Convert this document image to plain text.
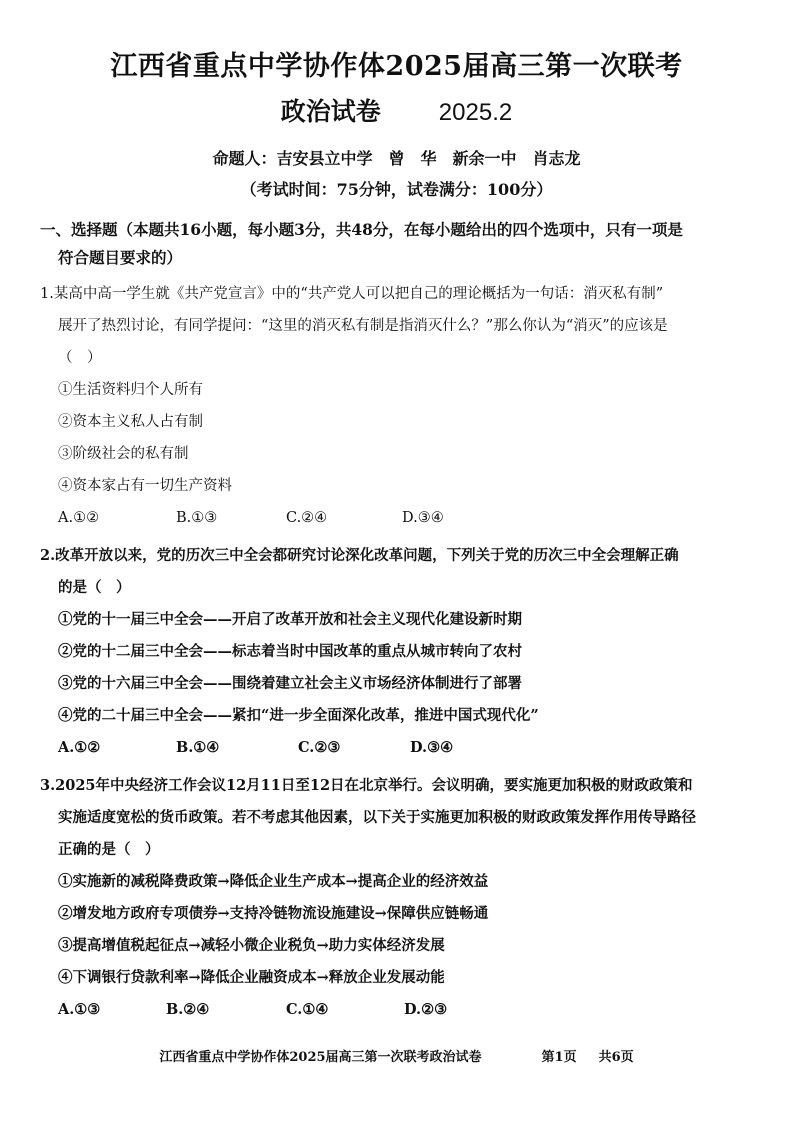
江西省重点中学协作体2025届高三第一次联考
政治试卷 2025.2
命题人：吉安县立中学　曾　华　新余一中　肖志龙
（考试时间：75分钟，试卷满分：100分）
一、选择题（本题共16小题，每小题3分，共48分，在每小题给出的四个选项中，只有一项是
符合题目要求的）
1.某高中高一学生就《共产党宣言》中的“共产党人可以把自己的理论概括为一句话：消灭私有制”
展开了热烈讨论，有同学提问：“这里的消灭私有制是指消灭什么？”那么你认为“消灭”的应该是
（　）
①生活资料归个人所有
②资本主义私人占有制
③阶级社会的私有制
④资本家占有一切生产资料
A.①②	B.①③	C.②④	D.③④
2.改革开放以来，党的历次三中全会都研究讨论深化改革问题，下列关于党的历次三中全会理解正确
的是（　）
①党的十一届三中全会——开启了改革开放和社会主义现代化建设新时期
②党的十二届三中全会——标志着当时中国改革的重点从城市转向了农村
③党的十六届三中全会——围绕着建立社会主义市场经济体制进行了部署
④党的二十届三中全会——紧扣“进一步全面深化改革，推进中国式现代化”
A.①②	B.①④	C.②③	D.③④
3.2025年中央经济工作会议12月11日至12日在北京举行。会议明确，要实施更加积极的财政政策和
实施适度宽松的货币政策。若不考虑其他因素，以下关于实施更加积极的财政政策发挥作用传导路径
正确的是（　）
①实施新的减税降费政策→降低企业生产成本→提高企业的经济效益
②增发地方政府专项债券→支持冷链物流设施建设→保障供应链畅通
③提高增值税起征点→减轻小微企业税负→助力实体经济发展
④下调银行贷款利率→降低企业融资成本→释放企业发展动能
A.①③	B.②④	C.①④	D.②③
江西省重点中学协作体2025届高三第一次联考政治试卷	第1页 共6页
